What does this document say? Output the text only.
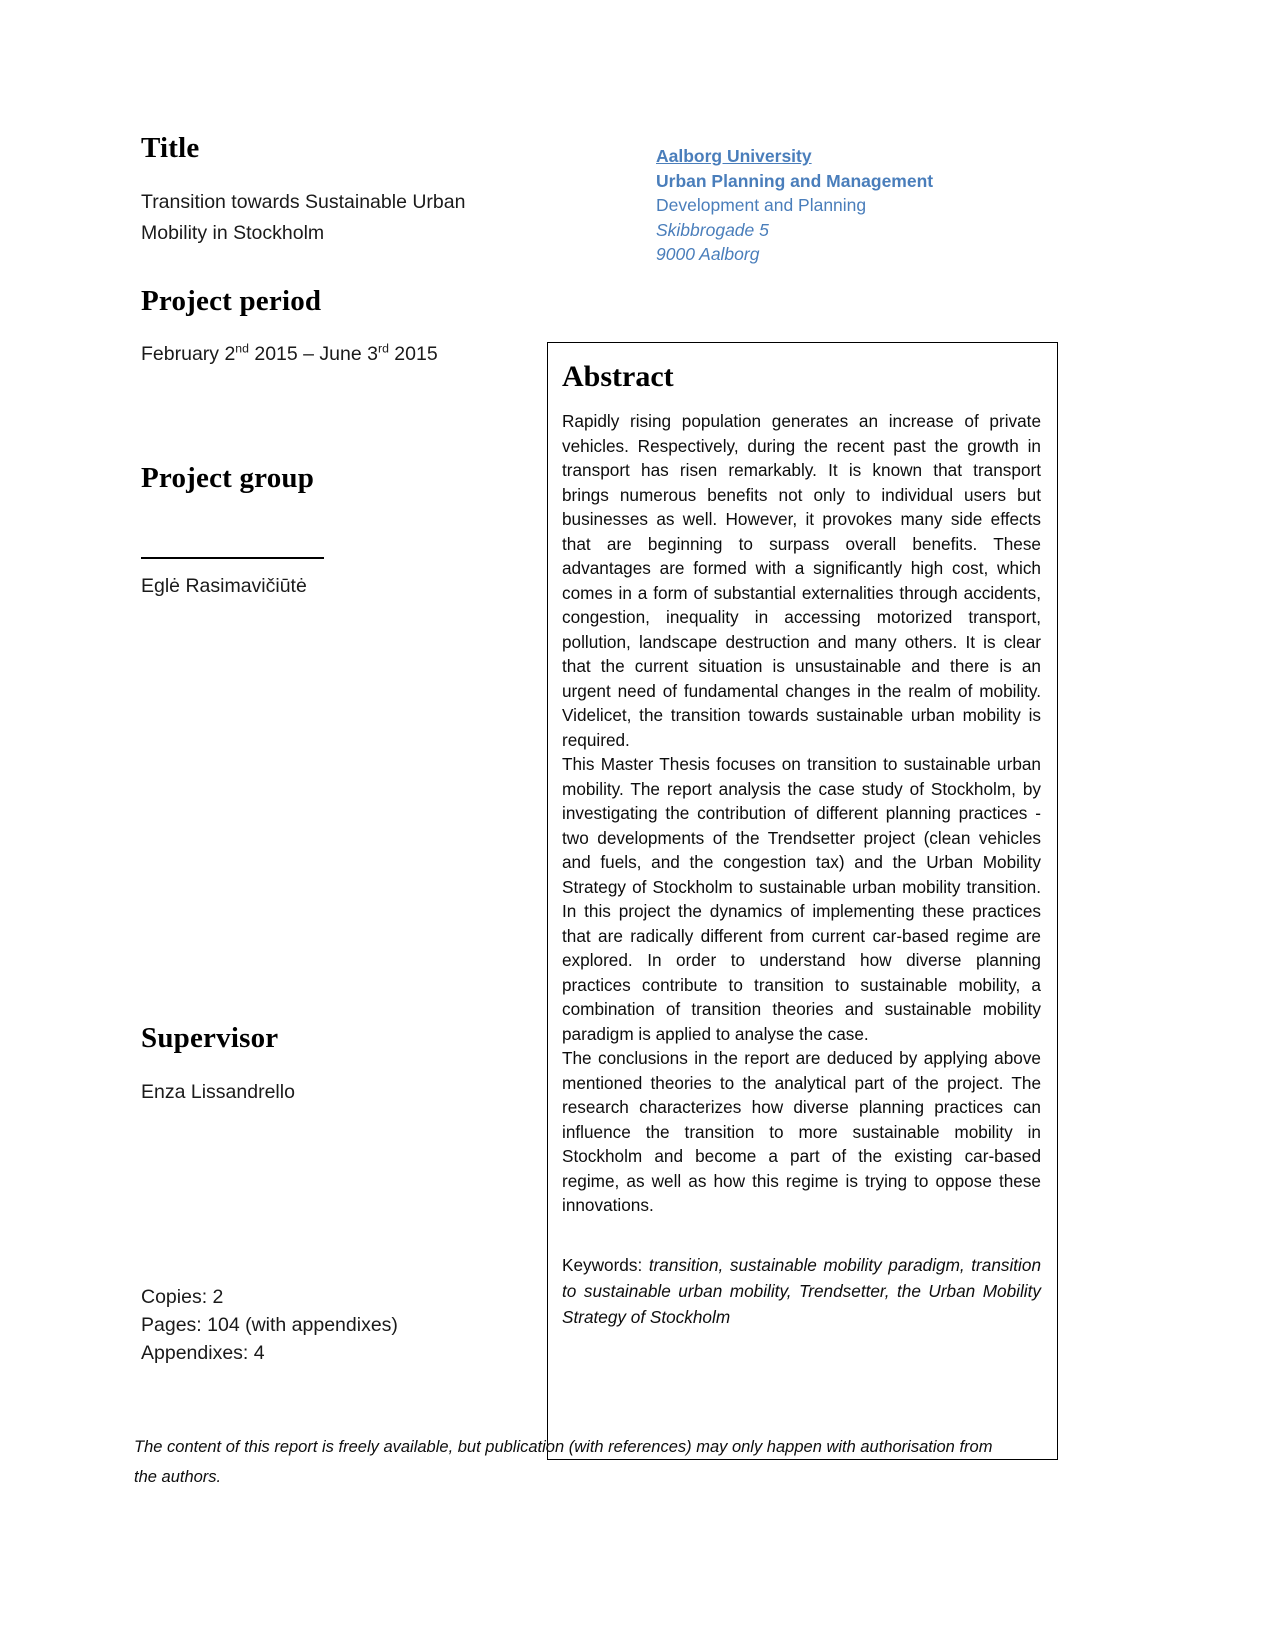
Title

Transition towards Sustainable Urban

Mobility in Stockholm

Project period

February 2nd 2015 – June 3rd 2015

Project group

Eglė Rasimavičiūtė

Supervisor

Enza Lissandrello

Copies: 2
Pages: 104 (with appendixes)
Appendixes: 4

Aalborg University

Urban Planning and Management

Development and Planning

Skibbrogade 5

9000 Aalborg

Abstract

Rapidly rising population generates an increase of private vehicles. Respectively, during the recent past the growth in transport has risen remarkably. It is known that transport brings numerous benefits not only to individual users but businesses as well. However, it provokes many side effects that are beginning to surpass overall benefits. These advantages are formed with a significantly high cost, which comes in a form of substantial externalities through accidents, congestion, inequality in accessing motorized transport, pollution, landscape destruction and many others. It is clear that the current situation is unsustainable and there is an urgent need of fundamental changes in the realm of mobility. Videlicet, the transition towards sustainable urban mobility is required.

This Master Thesis focuses on transition to sustainable urban mobility. The report analysis the case study of Stockholm, by investigating the contribution of different planning practices - two developments of the Trendsetter project (clean vehicles and fuels, and the congestion tax) and the Urban Mobility Strategy of Stockholm to sustainable urban mobility transition. In this project the dynamics of implementing these practices that are radically different from current car-based regime are explored. In order to understand how diverse planning practices contribute to transition to sustainable mobility, a combination of transition theories and sustainable mobility paradigm is applied to analyse the case.

The conclusions in the report are deduced by applying above mentioned theories to the analytical part of the project. The research characterizes how diverse planning practices can influence the transition to more sustainable mobility in Stockholm and become a part of the existing car-based regime, as well as how this regime is trying to oppose these innovations.

Keywords: transition, sustainable mobility paradigm, transition to sustainable urban mobility, Trendsetter, the Urban Mobility Strategy of Stockholm

The content of this report is freely available, but publication (with references) may only happen with authorisation from the authors.
